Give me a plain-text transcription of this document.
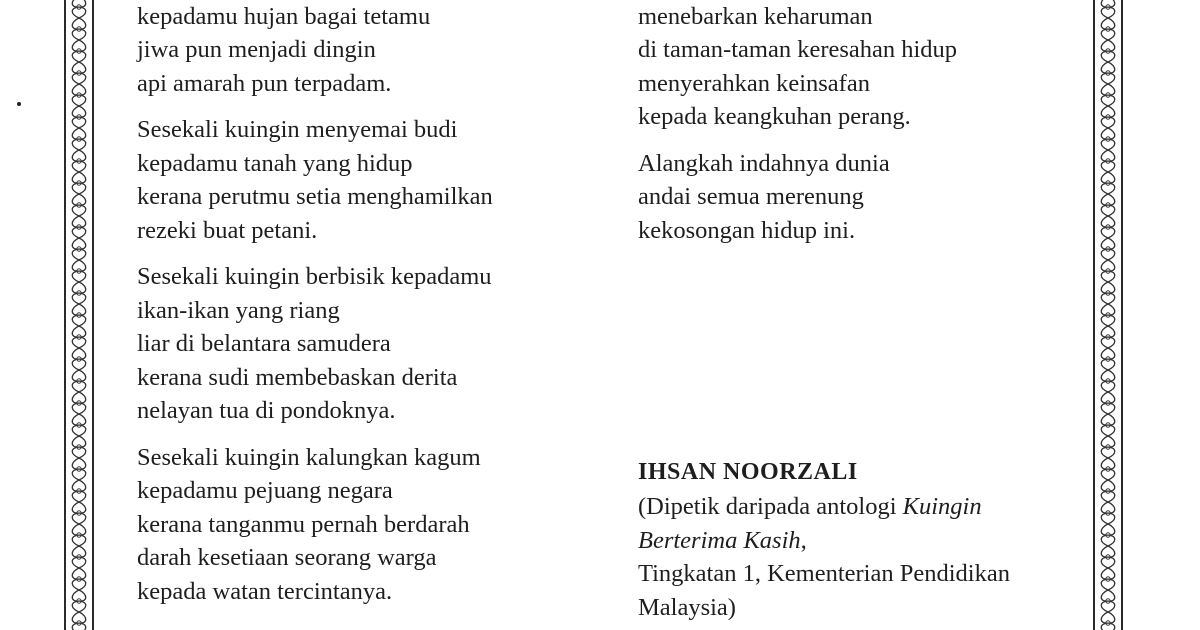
kepadamu hujan bagai tetamu
jiwa pun menjadi dingin
api amarah pun terpadam.
Sesekali kuingin menyemai budi
kepadamu tanah yang hidup
kerana perutmu setia menghamilkan
rezeki buat petani.
Sesekali kuingin berbisik kepadamu
ikan-ikan yang riang
liar di belantara samudera
kerana sudi membebaskan derita
nelayan tua di pondoknya.
Sesekali kuingin kalungkan kagum
kepadamu pejuang negara
kerana tanganmu pernah berdarah
darah kesetiaan seorang warga
kepada watan tercintanya.
menebarkan keharuman
di taman-taman keresahan hidup
menyerahkan keinsafan
kepada keangkuhan perang.
Alangkah indahnya dunia
andai semua merenung
kekosongan hidup ini.
IHSAN NOORZALI
(Dipetik daripada antologi Kuingin
Berterima Kasih,
Tingkatan 1, Kementerian Pendidikan
Malaysia)
